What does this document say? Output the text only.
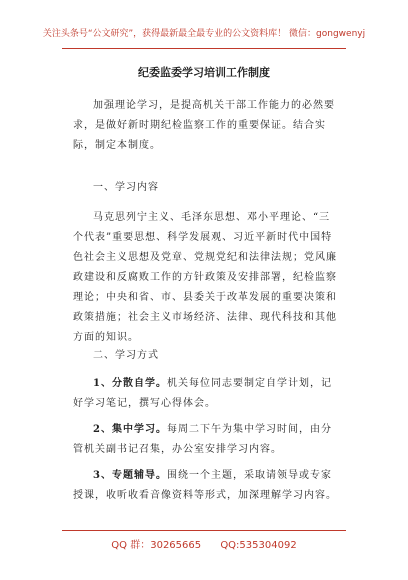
关注头条号“公文研究”，获得最新最全最专业的公文资料库！ 微信：gongwenyj
纪委监委学习培训工作制度
加强理论学习，是提高机关干部工作能力的必然要求，是做好新时期纪检监察工作的重要保证。结合实际，制定本制度。
一、学习内容
马克思列宁主义、毛泽东思想、邓小平理论、“三个代表”重要思想、科学发展观、习近平新时代中国特色社会主义思想及党章、党规党纪和法律法规；党风廉政建设和反腐败工作的方针政策及安排部署，纪检监察理论；中央和省、市、县委关于改革发展的重要决策和政策措施；社会主义市场经济、法律、现代科技和其他方面的知识。
二、学习方式
1、分散自学。机关每位同志要制定自学计划，记好学习笔记，撰写心得体会。
2、集中学习。每周二下午为集中学习时间，由分管机关副书记召集，办公室安排学习内容。
3、专题辅导。围绕一个主题，采取请领导或专家授课，收听收看音像资料等形式，加深理解学习内容。
QQ 群：30265665 QQ:535304092
